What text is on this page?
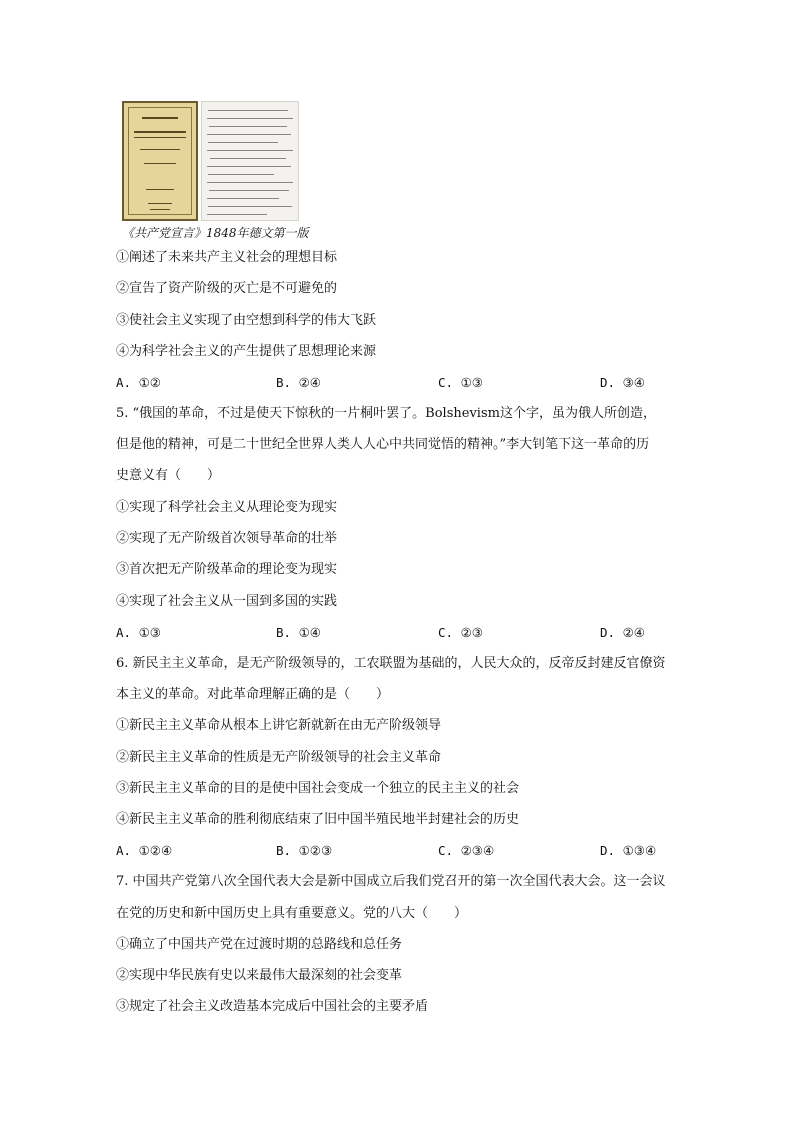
《共产党宣言》1848年德文第一版
①阐述了未来共产主义社会的理想目标
②宣告了资产阶级的灭亡是不可避免的
③使社会主义实现了由空想到科学的伟大飞跃
④为科学社会主义的产生提供了思想理论来源
A. ①②	B. ②④	C. ①③	D. ③④
5. “俄国的革命，不过是使天下惊秋的一片桐叶罢了。Bolshevism这个字，虽为俄人所创造，
但是他的精神，可是二十世纪全世界人类人人心中共同觉悟的精神。”李大钊笔下这一革命的历
史意义有（　　）
①实现了科学社会主义从理论变为现实
②实现了无产阶级首次领导革命的壮举
③首次把无产阶级革命的理论变为现实
④实现了社会主义从一国到多国的实践
A. ①③	B. ①④	C. ②③	D. ②④
6. 新民主主义革命，是无产阶级领导的，工农联盟为基础的，人民大众的，反帝反封建反官僚资
本主义的革命。对此革命理解正确的是（　　）
①新民主主义革命从根本上讲它新就新在由无产阶级领导
②新民主主义革命的性质是无产阶级领导的社会主义革命
③新民主主义革命的目的是使中国社会变成一个独立的民主主义的社会
④新民主主义革命的胜利彻底结束了旧中国半殖民地半封建社会的历史
A. ①②④	B. ①②③	C. ②③④	D. ①③④
7. 中国共产党第八次全国代表大会是新中国成立后我们党召开的第一次全国代表大会。这一会议
在党的历史和新中国历史上具有重要意义。党的八大（　　）
①确立了中国共产党在过渡时期的总路线和总任务
②实现中华民族有史以来最伟大最深刻的社会变革
③规定了社会主义改造基本完成后中国社会的主要矛盾
